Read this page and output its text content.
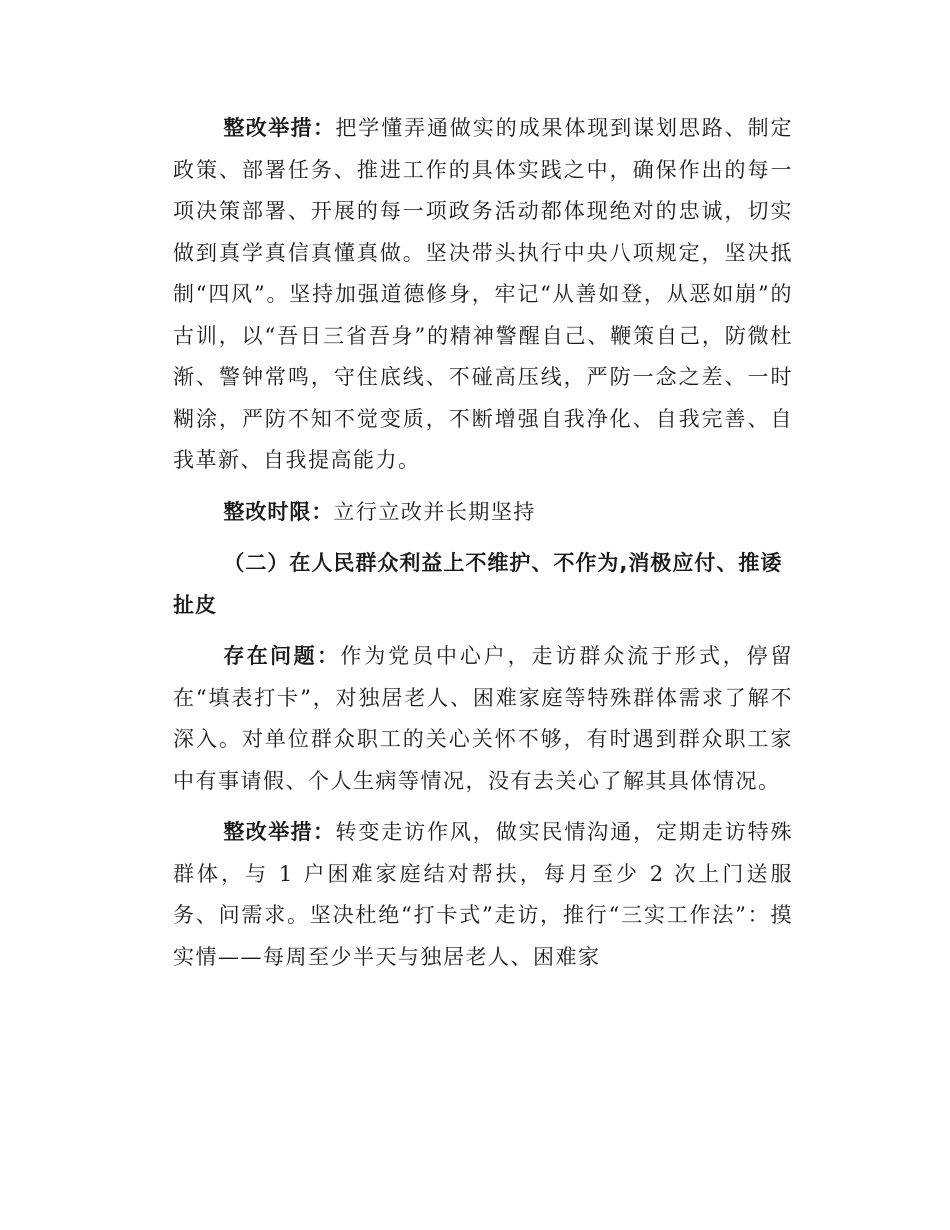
整改举措：把学懂弄通做实的成果体现到谋划思路、制定政策、部署任务、推进工作的具体实践之中，确保作出的每一项决策部署、开展的每一项政务活动都体现绝对的忠诚，切实做到真学真信真懂真做。坚决带头执行中央八项规定，坚决抵制“四风”。坚持加强道德修身，牢记“从善如登，从恶如崩”的古训，以“吾日三省吾身”的精神警醒自己、鞭策自己，防微杜渐、警钟常鸣，守住底线、不碰高压线，严防一念之差、一时糊涂，严防不知不觉变质，不断增强自我净化、自我完善、自我革新、自我提高能力。

整改时限：立行立改并长期坚持

（二）在人民群众利益上不维护、不作为,消极应付、推诿扯皮

存在问题：作为党员中心户，走访群众流于形式，停留在“填表打卡”，对独居老人、困难家庭等特殊群体需求了解不深入。对单位群众职工的关心关怀不够，有时遇到群众职工家中有事请假、个人生病等情况，没有去关心了解其具体情况。

整改举措：转变走访作风，做实民情沟通，定期走访特殊群体，与 1 户困难家庭结对帮扶，每月至少 2 次上门送服务、问需求。坚决杜绝“打卡式”走访，推行“三实工作法”：摸实情——每周至少半天与独居老人、困难家
